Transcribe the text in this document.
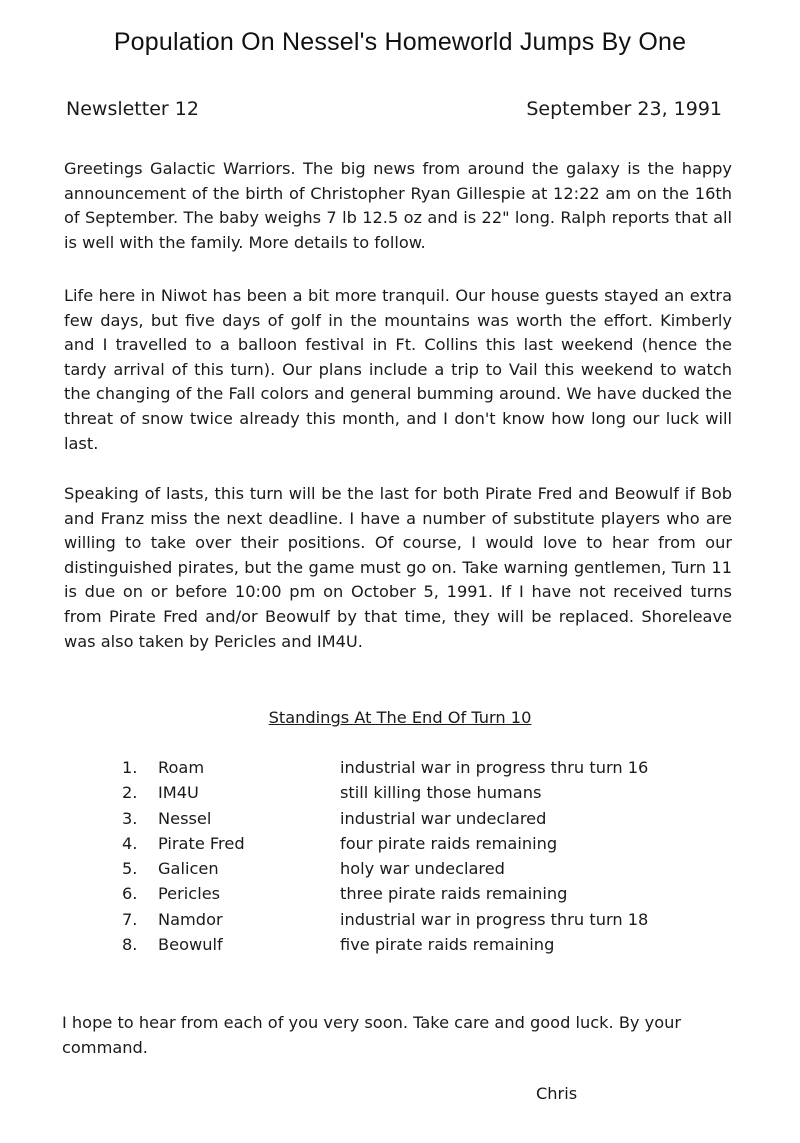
Population On Nessel's Homeworld Jumps By One
Newsletter 12	September 23, 1991

Greetings Galactic Warriors. The big news from around the galaxy is the happy announcement of the birth of Christopher Ryan Gillespie at 12:22 am on the 16th of September. The baby weighs 7 lb 12.5 oz and is 22" long. Ralph reports that all is well with the family. More details to follow.

Life here in Niwot has been a bit more tranquil. Our house guests stayed an extra few days, but five days of golf in the mountains was worth the effort. Kimberly and I travelled to a balloon festival in Ft. Collins this last weekend (hence the tardy arrival of this turn). Our plans include a trip to Vail this weekend to watch the changing of the Fall colors and general bumming around. We have ducked the threat of snow twice already this month, and I don't know how long our luck will last.

Speaking of lasts, this turn will be the last for both Pirate Fred and Beowulf if Bob and Franz miss the next deadline. I have a number of substitute players who are willing to take over their positions. Of course, I would love to hear from our distinguished pirates, but the game must go on. Take warning gentlemen, Turn 11 is due on or before 10:00 pm on October 5, 1991. If I have not received turns from Pirate Fred and/or Beowulf by that time, they will be replaced. Shoreleave was also taken by Pericles and IM4U.

Standings At The End Of Turn 10
1.	Roam	industrial war in progress thru turn 16
2.	IM4U	still killing those humans
3.	Nessel	industrial war undeclared
4.	Pirate Fred	four pirate raids remaining
5.	Galicen	holy war undeclared
6.	Pericles	three pirate raids remaining
7.	Namdor	industrial war in progress thru turn 18
8.	Beowulf	five pirate raids remaining

I hope to hear from each of you very soon. Take care and good luck. By your command.

Chris
